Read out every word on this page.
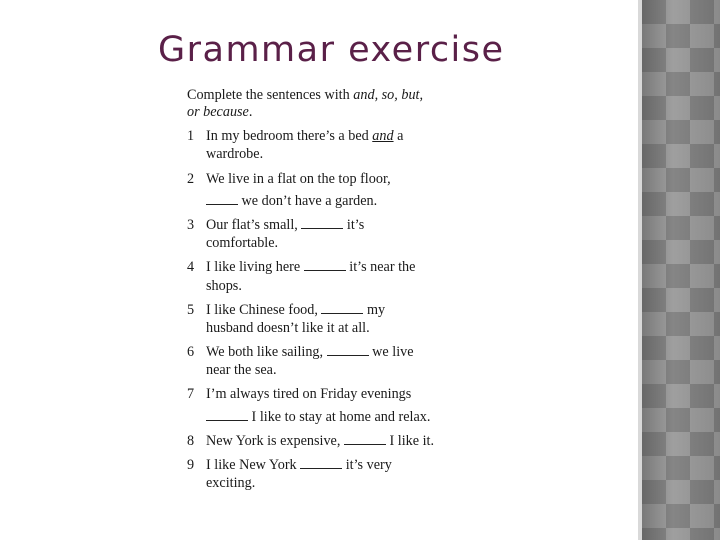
Grammar exercise
Complete the sentences with and, so, but,
or because.
1 In my bedroom there’s a bed and a
wardrobe.
2 We live in a flat on the top floor,
we don’t have a garden.
3 Our flat’s small,	it’s
comfortable.
4 I like living here	it’s near the
shops.
5 I like Chinese food,	my
husband doesn’t like it at all.
6 We both like sailing,	we live
near the sea.
7 I’m always tired on Friday evenings
I like to stay at home and relax.
8 New York is expensive,	I like it.
9 I like New York	it’s very
exciting.
